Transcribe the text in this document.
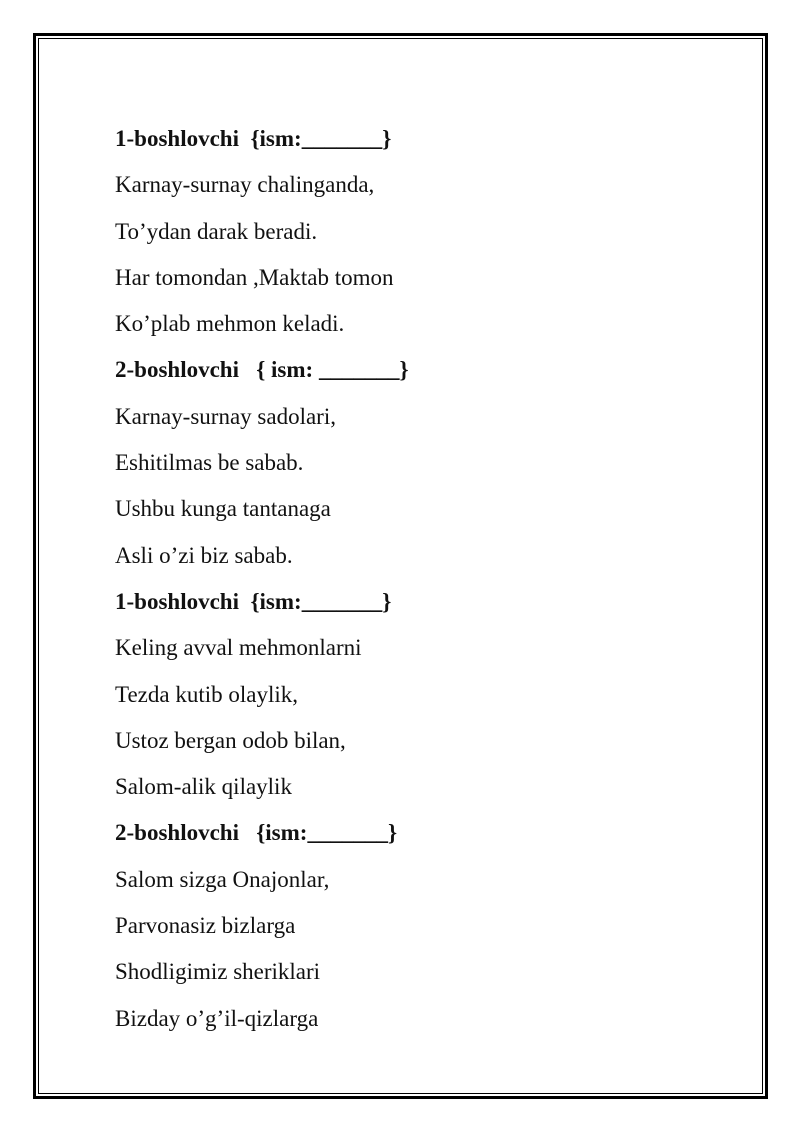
1-boshlovchi  {ism:_______}
Karnay-surnay chalinganda,
To’ydan darak beradi.
Har tomondan ,Maktab tomon
Ko’plab mehmon keladi.
2-boshlovchi   { ism: _______}
Karnay-surnay sadolari,
Eshitilmas be sabab.
Ushbu kunga tantanaga
Asli o’zi biz sabab.
1-boshlovchi  {ism:_______}
Keling avval mehmonlarni
Tezda kutib olaylik,
Ustoz bergan odob bilan,
Salom-alik qilaylik
2-boshlovchi   {ism:_______}
Salom sizga Onajonlar,
Parvonasiz bizlarga
Shodligimiz sheriklari
Bizday o’g’il-qizlarga
